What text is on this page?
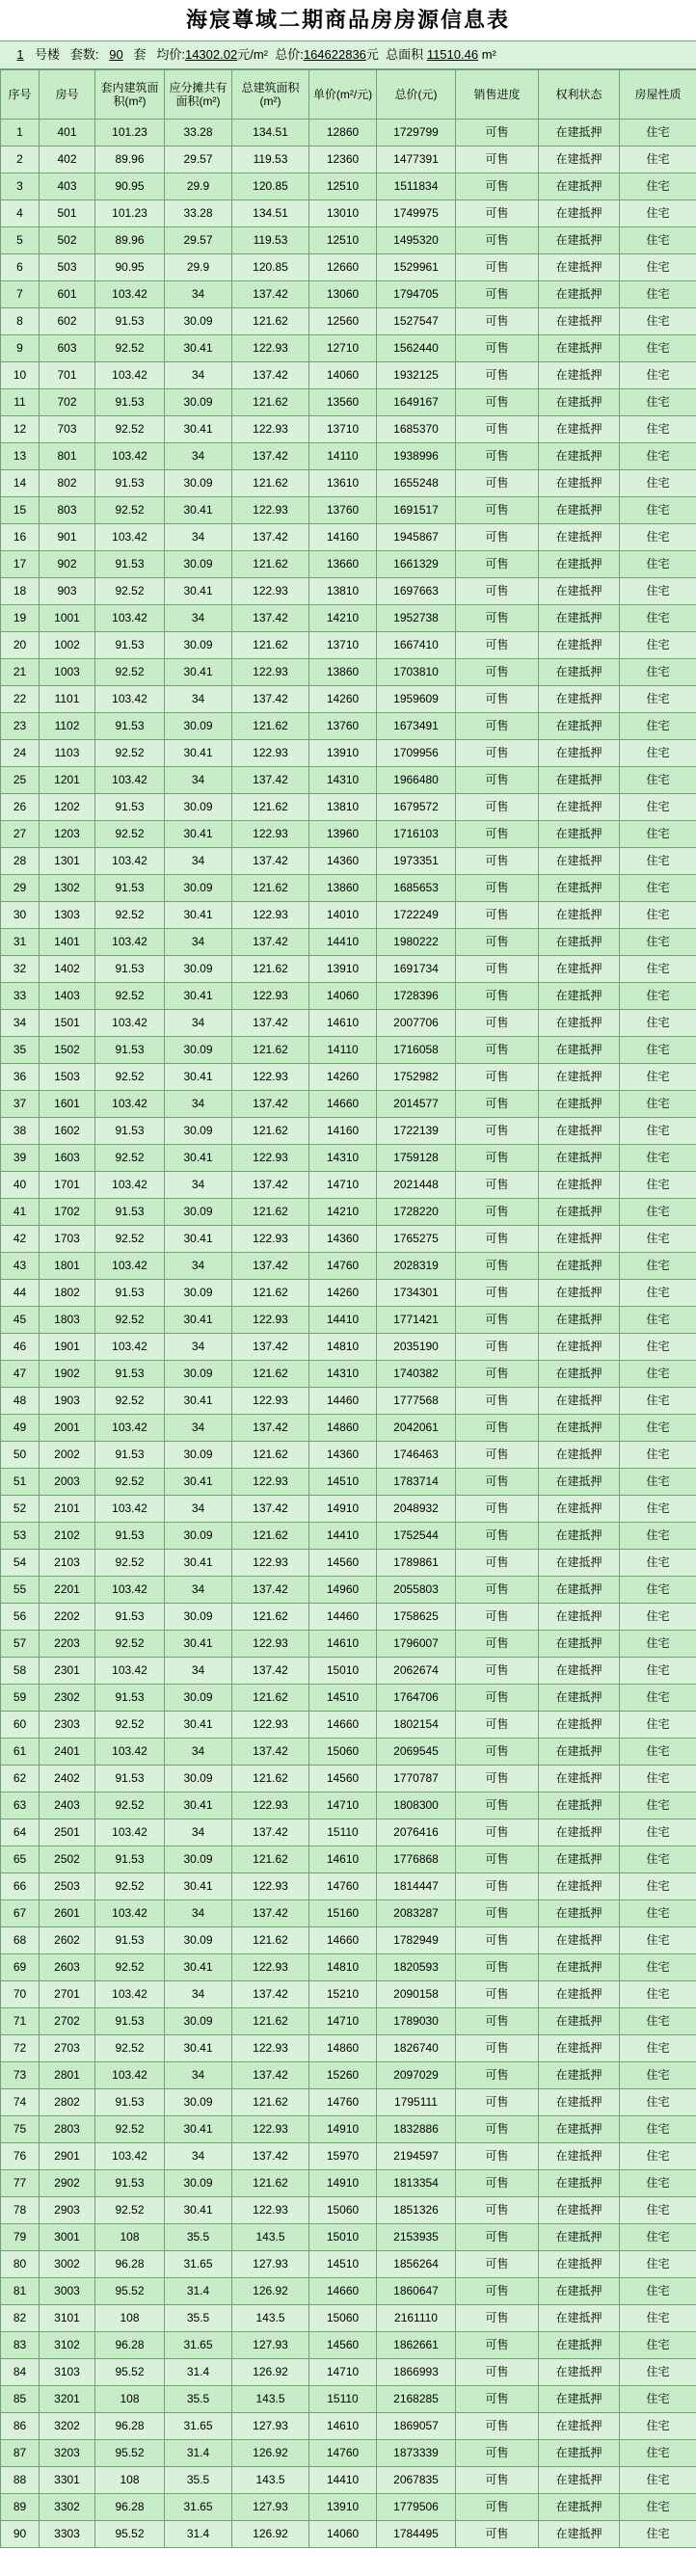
海宸尊域二期商品房房源信息表
1 号楼 套数: 90 套 均价:14302.02元/m² 总价:164622836元 总面积 11510.46 m²
序号	房号	套内建筑面积(m²)	应分摊共有面积(m²)	总建筑面积(m²)	单价(m²/元)	总价(元)	销售进度	权利状态	房屋性质
1	401	101.23	33.28	134.51	12860	1729799	可售	在建抵押	住宅
2	402	89.96	29.57	119.53	12360	1477391	可售	在建抵押	住宅
3	403	90.95	29.9	120.85	12510	1511834	可售	在建抵押	住宅
4	501	101.23	33.28	134.51	13010	1749975	可售	在建抵押	住宅
5	502	89.96	29.57	119.53	12510	1495320	可售	在建抵押	住宅
6	503	90.95	29.9	120.85	12660	1529961	可售	在建抵押	住宅
7	601	103.42	34	137.42	13060	1794705	可售	在建抵押	住宅
8	602	91.53	30.09	121.62	12560	1527547	可售	在建抵押	住宅
9	603	92.52	30.41	122.93	12710	1562440	可售	在建抵押	住宅
10	701	103.42	34	137.42	14060	1932125	可售	在建抵押	住宅
11	702	91.53	30.09	121.62	13560	1649167	可售	在建抵押	住宅
12	703	92.52	30.41	122.93	13710	1685370	可售	在建抵押	住宅
13	801	103.42	34	137.42	14110	1938996	可售	在建抵押	住宅
14	802	91.53	30.09	121.62	13610	1655248	可售	在建抵押	住宅
15	803	92.52	30.41	122.93	13760	1691517	可售	在建抵押	住宅
16	901	103.42	34	137.42	14160	1945867	可售	在建抵押	住宅
17	902	91.53	30.09	121.62	13660	1661329	可售	在建抵押	住宅
18	903	92.52	30.41	122.93	13810	1697663	可售	在建抵押	住宅
19	1001	103.42	34	137.42	14210	1952738	可售	在建抵押	住宅
20	1002	91.53	30.09	121.62	13710	1667410	可售	在建抵押	住宅
21	1003	92.52	30.41	122.93	13860	1703810	可售	在建抵押	住宅
22	1101	103.42	34	137.42	14260	1959609	可售	在建抵押	住宅
23	1102	91.53	30.09	121.62	13760	1673491	可售	在建抵押	住宅
24	1103	92.52	30.41	122.93	13910	1709956	可售	在建抵押	住宅
25	1201	103.42	34	137.42	14310	1966480	可售	在建抵押	住宅
26	1202	91.53	30.09	121.62	13810	1679572	可售	在建抵押	住宅
27	1203	92.52	30.41	122.93	13960	1716103	可售	在建抵押	住宅
28	1301	103.42	34	137.42	14360	1973351	可售	在建抵押	住宅
29	1302	91.53	30.09	121.62	13860	1685653	可售	在建抵押	住宅
30	1303	92.52	30.41	122.93	14010	1722249	可售	在建抵押	住宅
31	1401	103.42	34	137.42	14410	1980222	可售	在建抵押	住宅
32	1402	91.53	30.09	121.62	13910	1691734	可售	在建抵押	住宅
33	1403	92.52	30.41	122.93	14060	1728396	可售	在建抵押	住宅
34	1501	103.42	34	137.42	14610	2007706	可售	在建抵押	住宅
35	1502	91.53	30.09	121.62	14110	1716058	可售	在建抵押	住宅
36	1503	92.52	30.41	122.93	14260	1752982	可售	在建抵押	住宅
37	1601	103.42	34	137.42	14660	2014577	可售	在建抵押	住宅
38	1602	91.53	30.09	121.62	14160	1722139	可售	在建抵押	住宅
39	1603	92.52	30.41	122.93	14310	1759128	可售	在建抵押	住宅
40	1701	103.42	34	137.42	14710	2021448	可售	在建抵押	住宅
41	1702	91.53	30.09	121.62	14210	1728220	可售	在建抵押	住宅
42	1703	92.52	30.41	122.93	14360	1765275	可售	在建抵押	住宅
43	1801	103.42	34	137.42	14760	2028319	可售	在建抵押	住宅
44	1802	91.53	30.09	121.62	14260	1734301	可售	在建抵押	住宅
45	1803	92.52	30.41	122.93	14410	1771421	可售	在建抵押	住宅
46	1901	103.42	34	137.42	14810	2035190	可售	在建抵押	住宅
47	1902	91.53	30.09	121.62	14310	1740382	可售	在建抵押	住宅
48	1903	92.52	30.41	122.93	14460	1777568	可售	在建抵押	住宅
49	2001	103.42	34	137.42	14860	2042061	可售	在建抵押	住宅
50	2002	91.53	30.09	121.62	14360	1746463	可售	在建抵押	住宅
51	2003	92.52	30.41	122.93	14510	1783714	可售	在建抵押	住宅
52	2101	103.42	34	137.42	14910	2048932	可售	在建抵押	住宅
53	2102	91.53	30.09	121.62	14410	1752544	可售	在建抵押	住宅
54	2103	92.52	30.41	122.93	14560	1789861	可售	在建抵押	住宅
55	2201	103.42	34	137.42	14960	2055803	可售	在建抵押	住宅
56	2202	91.53	30.09	121.62	14460	1758625	可售	在建抵押	住宅
57	2203	92.52	30.41	122.93	14610	1796007	可售	在建抵押	住宅
58	2301	103.42	34	137.42	15010	2062674	可售	在建抵押	住宅
59	2302	91.53	30.09	121.62	14510	1764706	可售	在建抵押	住宅
60	2303	92.52	30.41	122.93	14660	1802154	可售	在建抵押	住宅
61	2401	103.42	34	137.42	15060	2069545	可售	在建抵押	住宅
62	2402	91.53	30.09	121.62	14560	1770787	可售	在建抵押	住宅
63	2403	92.52	30.41	122.93	14710	1808300	可售	在建抵押	住宅
64	2501	103.42	34	137.42	15110	2076416	可售	在建抵押	住宅
65	2502	91.53	30.09	121.62	14610	1776868	可售	在建抵押	住宅
66	2503	92.52	30.41	122.93	14760	1814447	可售	在建抵押	住宅
67	2601	103.42	34	137.42	15160	2083287	可售	在建抵押	住宅
68	2602	91.53	30.09	121.62	14660	1782949	可售	在建抵押	住宅
69	2603	92.52	30.41	122.93	14810	1820593	可售	在建抵押	住宅
70	2701	103.42	34	137.42	15210	2090158	可售	在建抵押	住宅
71	2702	91.53	30.09	121.62	14710	1789030	可售	在建抵押	住宅
72	2703	92.52	30.41	122.93	14860	1826740	可售	在建抵押	住宅
73	2801	103.42	34	137.42	15260	2097029	可售	在建抵押	住宅
74	2802	91.53	30.09	121.62	14760	1795111	可售	在建抵押	住宅
75	2803	92.52	30.41	122.93	14910	1832886	可售	在建抵押	住宅
76	2901	103.42	34	137.42	15970	2194597	可售	在建抵押	住宅
77	2902	91.53	30.09	121.62	14910	1813354	可售	在建抵押	住宅
78	2903	92.52	30.41	122.93	15060	1851326	可售	在建抵押	住宅
79	3001	108	35.5	143.5	15010	2153935	可售	在建抵押	住宅
80	3002	96.28	31.65	127.93	14510	1856264	可售	在建抵押	住宅
81	3003	95.52	31.4	126.92	14660	1860647	可售	在建抵押	住宅
82	3101	108	35.5	143.5	15060	2161110	可售	在建抵押	住宅
83	3102	96.28	31.65	127.93	14560	1862661	可售	在建抵押	住宅
84	3103	95.52	31.4	126.92	14710	1866993	可售	在建抵押	住宅
85	3201	108	35.5	143.5	15110	2168285	可售	在建抵押	住宅
86	3202	96.28	31.65	127.93	14610	1869057	可售	在建抵押	住宅
87	3203	95.52	31.4	126.92	14760	1873339	可售	在建抵押	住宅
88	3301	108	35.5	143.5	14410	2067835	可售	在建抵押	住宅
89	3302	96.28	31.65	127.93	13910	1779506	可售	在建抵押	住宅
90	3303	95.52	31.4	126.92	14060	1784495	可售	在建抵押	住宅
